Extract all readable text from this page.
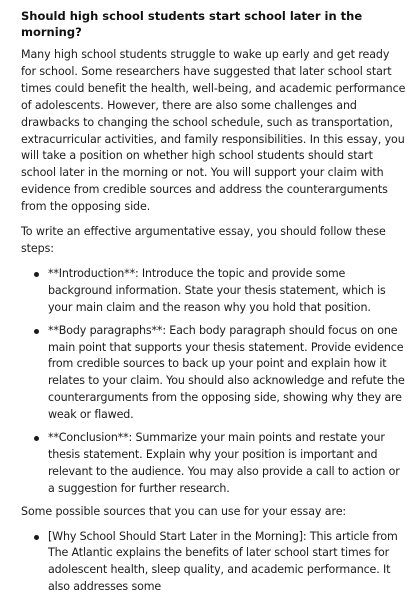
Should high school students start school later in the morning?
Many high school students struggle to wake up early and get ready for school. Some researchers have suggested that later school start times could benefit the health, well-being, and academic performance of adolescents. However, there are also some challenges and drawbacks to changing the school schedule, such as transportation, extracurricular activities, and family responsibilities. In this essay, you will take a position on whether high school students should start school later in the morning or not. You will support your claim with evidence from credible sources and address the counterarguments from the opposing side.
To write an effective argumentative essay, you should follow these steps:
**Introduction**: Introduce the topic and provide some background information. State your thesis statement, which is your main claim and the reason why you hold that position.
**Body paragraphs**: Each body paragraph should focus on one main point that supports your thesis statement. Provide evidence from credible sources to back up your point and explain how it relates to your claim. You should also acknowledge and refute the counterarguments from the opposing side, showing why they are weak or flawed.
**Conclusion**: Summarize your main points and restate your thesis statement. Explain why your position is important and relevant to the audience. You may also provide a call to action or a suggestion for further research.
Some possible sources that you can use for your essay are:
[Why School Should Start Later in the Morning]: This article from The Atlantic explains the benefits of later school start times for adolescent health, sleep quality, and academic performance. It also addresses some
